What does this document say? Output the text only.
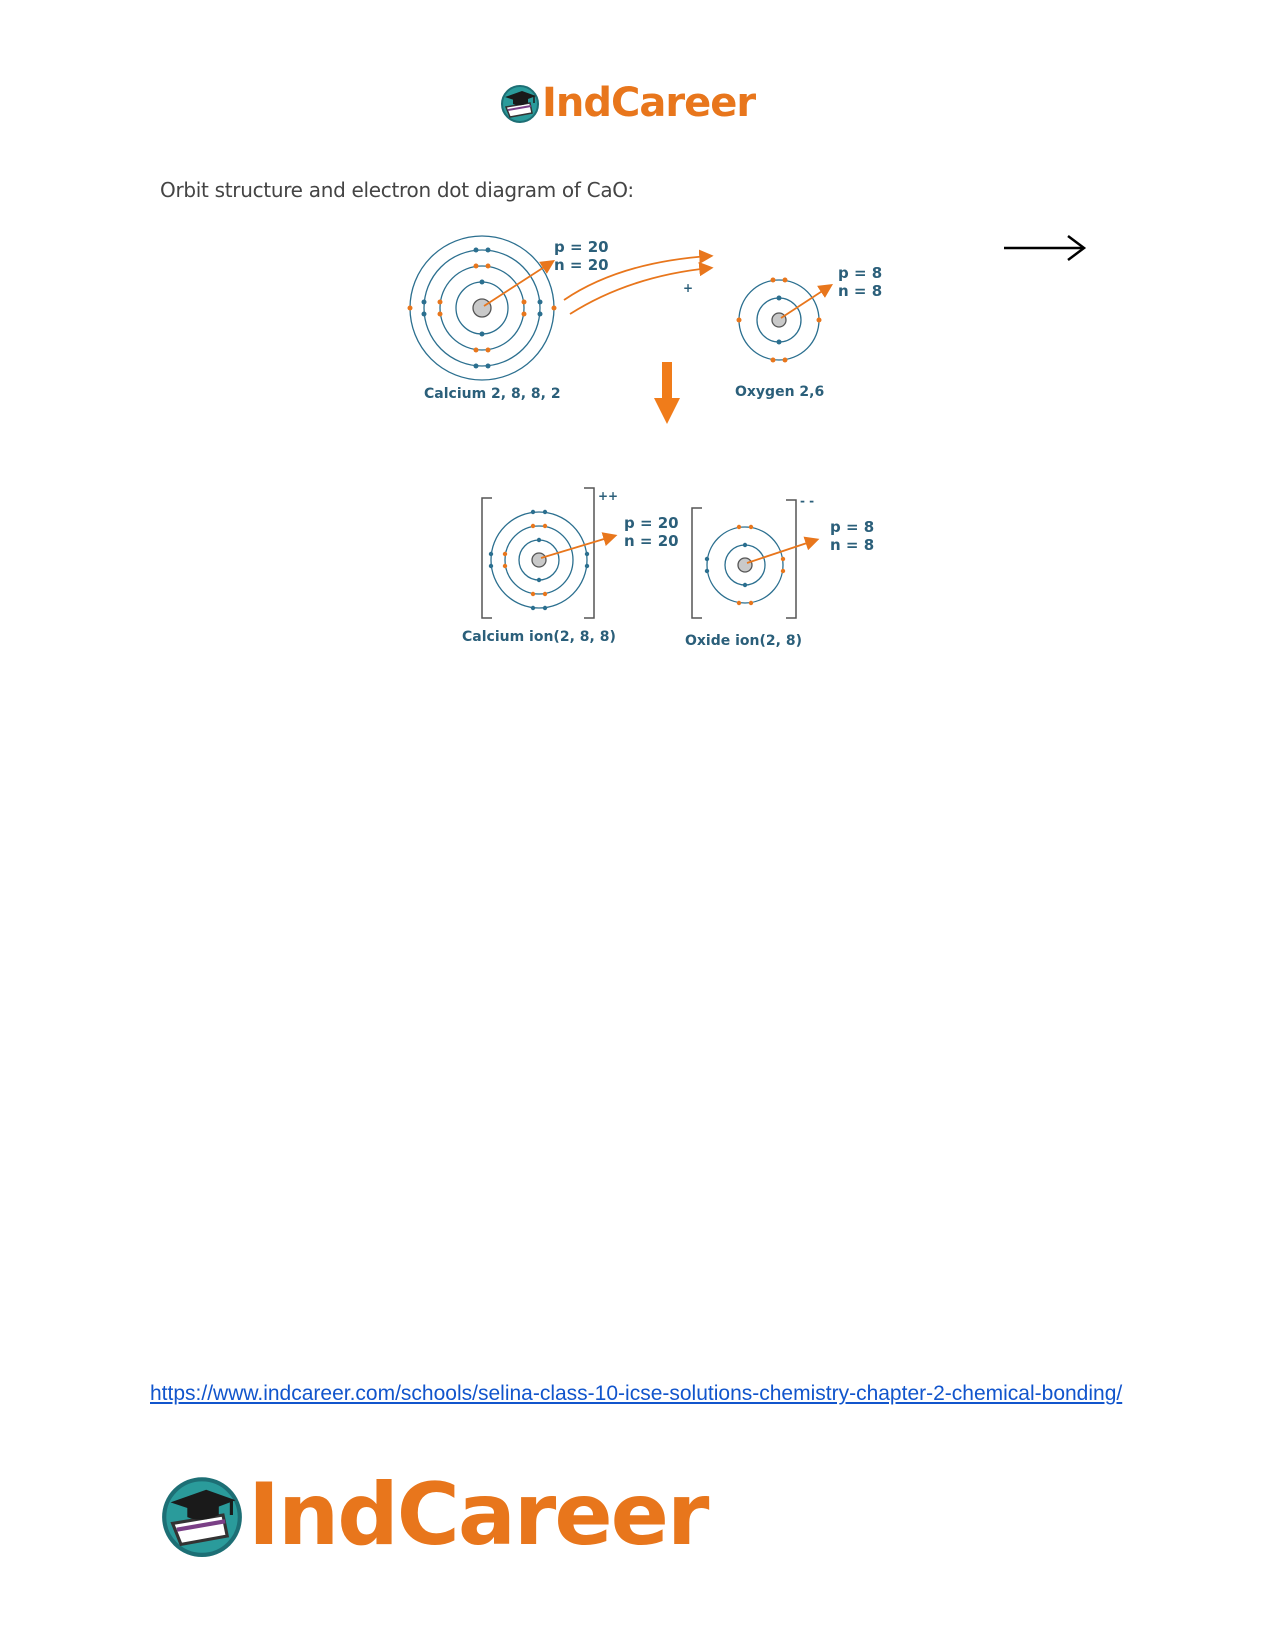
IndCareer
Orbit structure and electron dot diagram of CaO:
p = 20
n = 20
Calcium 2, 8, 8, 2
+
p = 8
n = 8
Oxygen 2,6
++
p = 20
n = 20
Calcium ion(2, 8, 8)
- -
p = 8
n = 8
Oxide ion(2, 8)
https://www.indcareer.com/schools/selina-class-10-icse-solutions-chemistry-chapter-2-chemical-bonding/
IndCareer
